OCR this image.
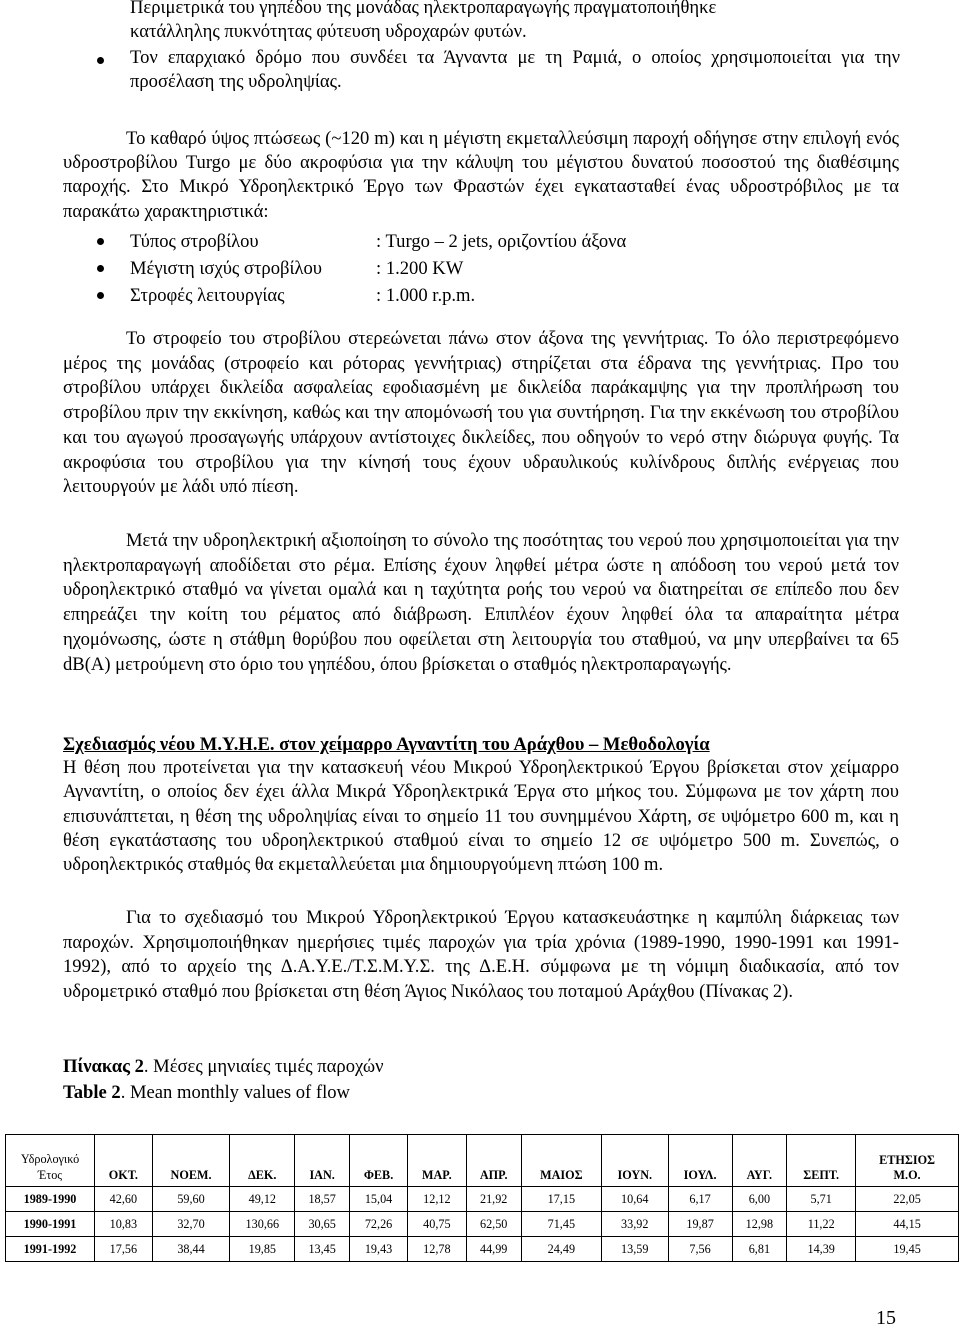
Περιμετρικά του γηπέδου της μονάδας ηλεκτροπαραγωγής πραγματοποιήθηκε
κατάλληλης πυκνότητας φύτευση υδροχαρών φυτών.

Τον επαρχιακό δρόμο που συνδέει τα Άγναντα με τη Ραμιά, ο οποίος χρησιμοποιείται για την προσέλαση της υδροληψίας.

Το καθαρό ύψος πτώσεως (~120 m) και η μέγιστη εκμεταλλεύσιμη παροχή οδήγησε στην επιλογή ενός υδροστροβίλου Turgo με δύο ακροφύσια για την κάλυψη του μέγιστου δυνατού ποσοστού της διαθέσιμης παροχής. Στο Μικρό Υδροηλεκτρικό Έργο των Φραστών έχει εγκατασταθεί ένας υδροστρόβιλος με τα παρακάτω χαρακτηριστικά:

Τύπος στροβίλου	: Turgo – 2 jets, οριζοντίου άξονα
Μέγιστη ισχύς στροβίλου	: 1.200 KW
Στροφές λειτουργίας	: 1.000 r.p.m.

Το στροφείο του στροβίλου στερεώνεται πάνω στον άξονα της γεννήτριας. Το όλο περιστρεφόμενο μέρος της μονάδας (στροφείο και ρότορας γεννήτριας) στηρίζεται στα έδρανα της γεννήτριας. Προ του στροβίλου υπάρχει δικλείδα ασφαλείας εφοδιασμένη με δικλείδα παράκαμψης για την προπλήρωση του στροβίλου πριν την εκκίνηση, καθώς και την απομόνωσή του για συντήρηση. Για την εκκένωση του στροβίλου και του αγωγού προσαγωγής υπάρχουν αντίστοιχες δικλείδες, που οδηγούν το νερό στην διώρυγα φυγής. Τα ακροφύσια του στροβίλου για την κίνησή τους έχουν υδραυλικούς κυλίνδρους διπλής ενέργειας που λειτουργούν με λάδι υπό πίεση.

Μετά την υδροηλεκτρική αξιοποίηση το σύνολο της ποσότητας του νερού που χρησιμοποιείται για την ηλεκτροπαραγωγή αποδίδεται στο ρέμα. Επίσης έχουν ληφθεί μέτρα ώστε η απόδοση του νερού μετά τον υδροηλεκτρικό σταθμό να γίνεται ομαλά και η ταχύτητα ροής του νερού να διατηρείται σε επίπεδο που δεν επηρεάζει την κοίτη του ρέματος από διάβρωση. Επιπλέον έχουν ληφθεί όλα τα απαραίτητα μέτρα ηχομόνωσης, ώστε η στάθμη θορύβου που οφείλεται στη λειτουργία του σταθμού, να μην υπερβαίνει τα 65 dB(A) μετρούμενη στο όριο του γηπέδου, όπου βρίσκεται ο σταθμός ηλεκτροπαραγωγής.

Σχεδιασμός νέου Μ.Υ.Η.Ε. στον χείμαρρο Αγναντίτη του Αράχθου – Μεθοδολογία

Η θέση που προτείνεται για την κατασκευή νέου Μικρού Υδροηλεκτρικού Έργου βρίσκεται στον χείμαρρο Αγναντίτη, ο οποίος δεν έχει άλλα Μικρά Υδροηλεκτρικά Έργα στο μήκος του. Σύμφωνα με τον χάρτη που επισυνάπτεται, η θέση της υδροληψίας είναι το σημείο 11 του συνημμένου Χάρτη, σε υψόμετρο 600 m, και η θέση εγκατάστασης του υδροηλεκτρικού σταθμού είναι το σημείο 12 σε υψόμετρο 500 m. Συνεπώς, ο υδροηλεκτρικός σταθμός θα εκμεταλλεύεται μια δημιουργούμενη πτώση 100 m.

Για το σχεδιασμό του Μικρού Υδροηλεκτρικού Έργου κατασκευάστηκε η καμπύλη διάρκειας των παροχών. Χρησιμοποιήθηκαν ημερήσιες τιμές παροχών για τρία χρόνια (1989-1990, 1990-1991 και 1991-1992), από το αρχείο της Δ.Α.Υ.Ε./Τ.Σ.Μ.Υ.Σ. της Δ.Ε.Η. σύμφωνα με τη νόμιμη διαδικασία, από τον υδρομετρικό σταθμό που βρίσκεται στη θέση Άγιος Νικόλαος του ποταμού Αράχθου (Πίνακας 2).

Πίνακας 2. Μέσες μηνιαίες τιμές παροχών

Table 2. Mean monthly values of flow

Υδρολογικό
Έτος	ΟΚΤ.	ΝΟΕΜ.	ΔΕΚ.	ΙΑΝ.	ΦΕΒ.	ΜΑΡ.	ΑΠΡ.	ΜΑΙΟΣ	ΙΟΥΝ.	ΙΟΥΛ.	ΑΥΓ.	ΣΕΠΤ.	ΕΤΗΣΙΟΣ
Μ.Ο.
1989-1990	42,60	59,60	49,12	18,57	15,04	12,12	21,92	17,15	10,64	6,17	6,00	5,71	22,05
1990-1991	10,83	32,70	130,66	30,65	72,26	40,75	62,50	71,45	33,92	19,87	12,98	11,22	44,15
1991-1992	17,56	38,44	19,85	13,45	19,43	12,78	44,99	24,49	13,59	7,56	6,81	14,39	19,45
15
